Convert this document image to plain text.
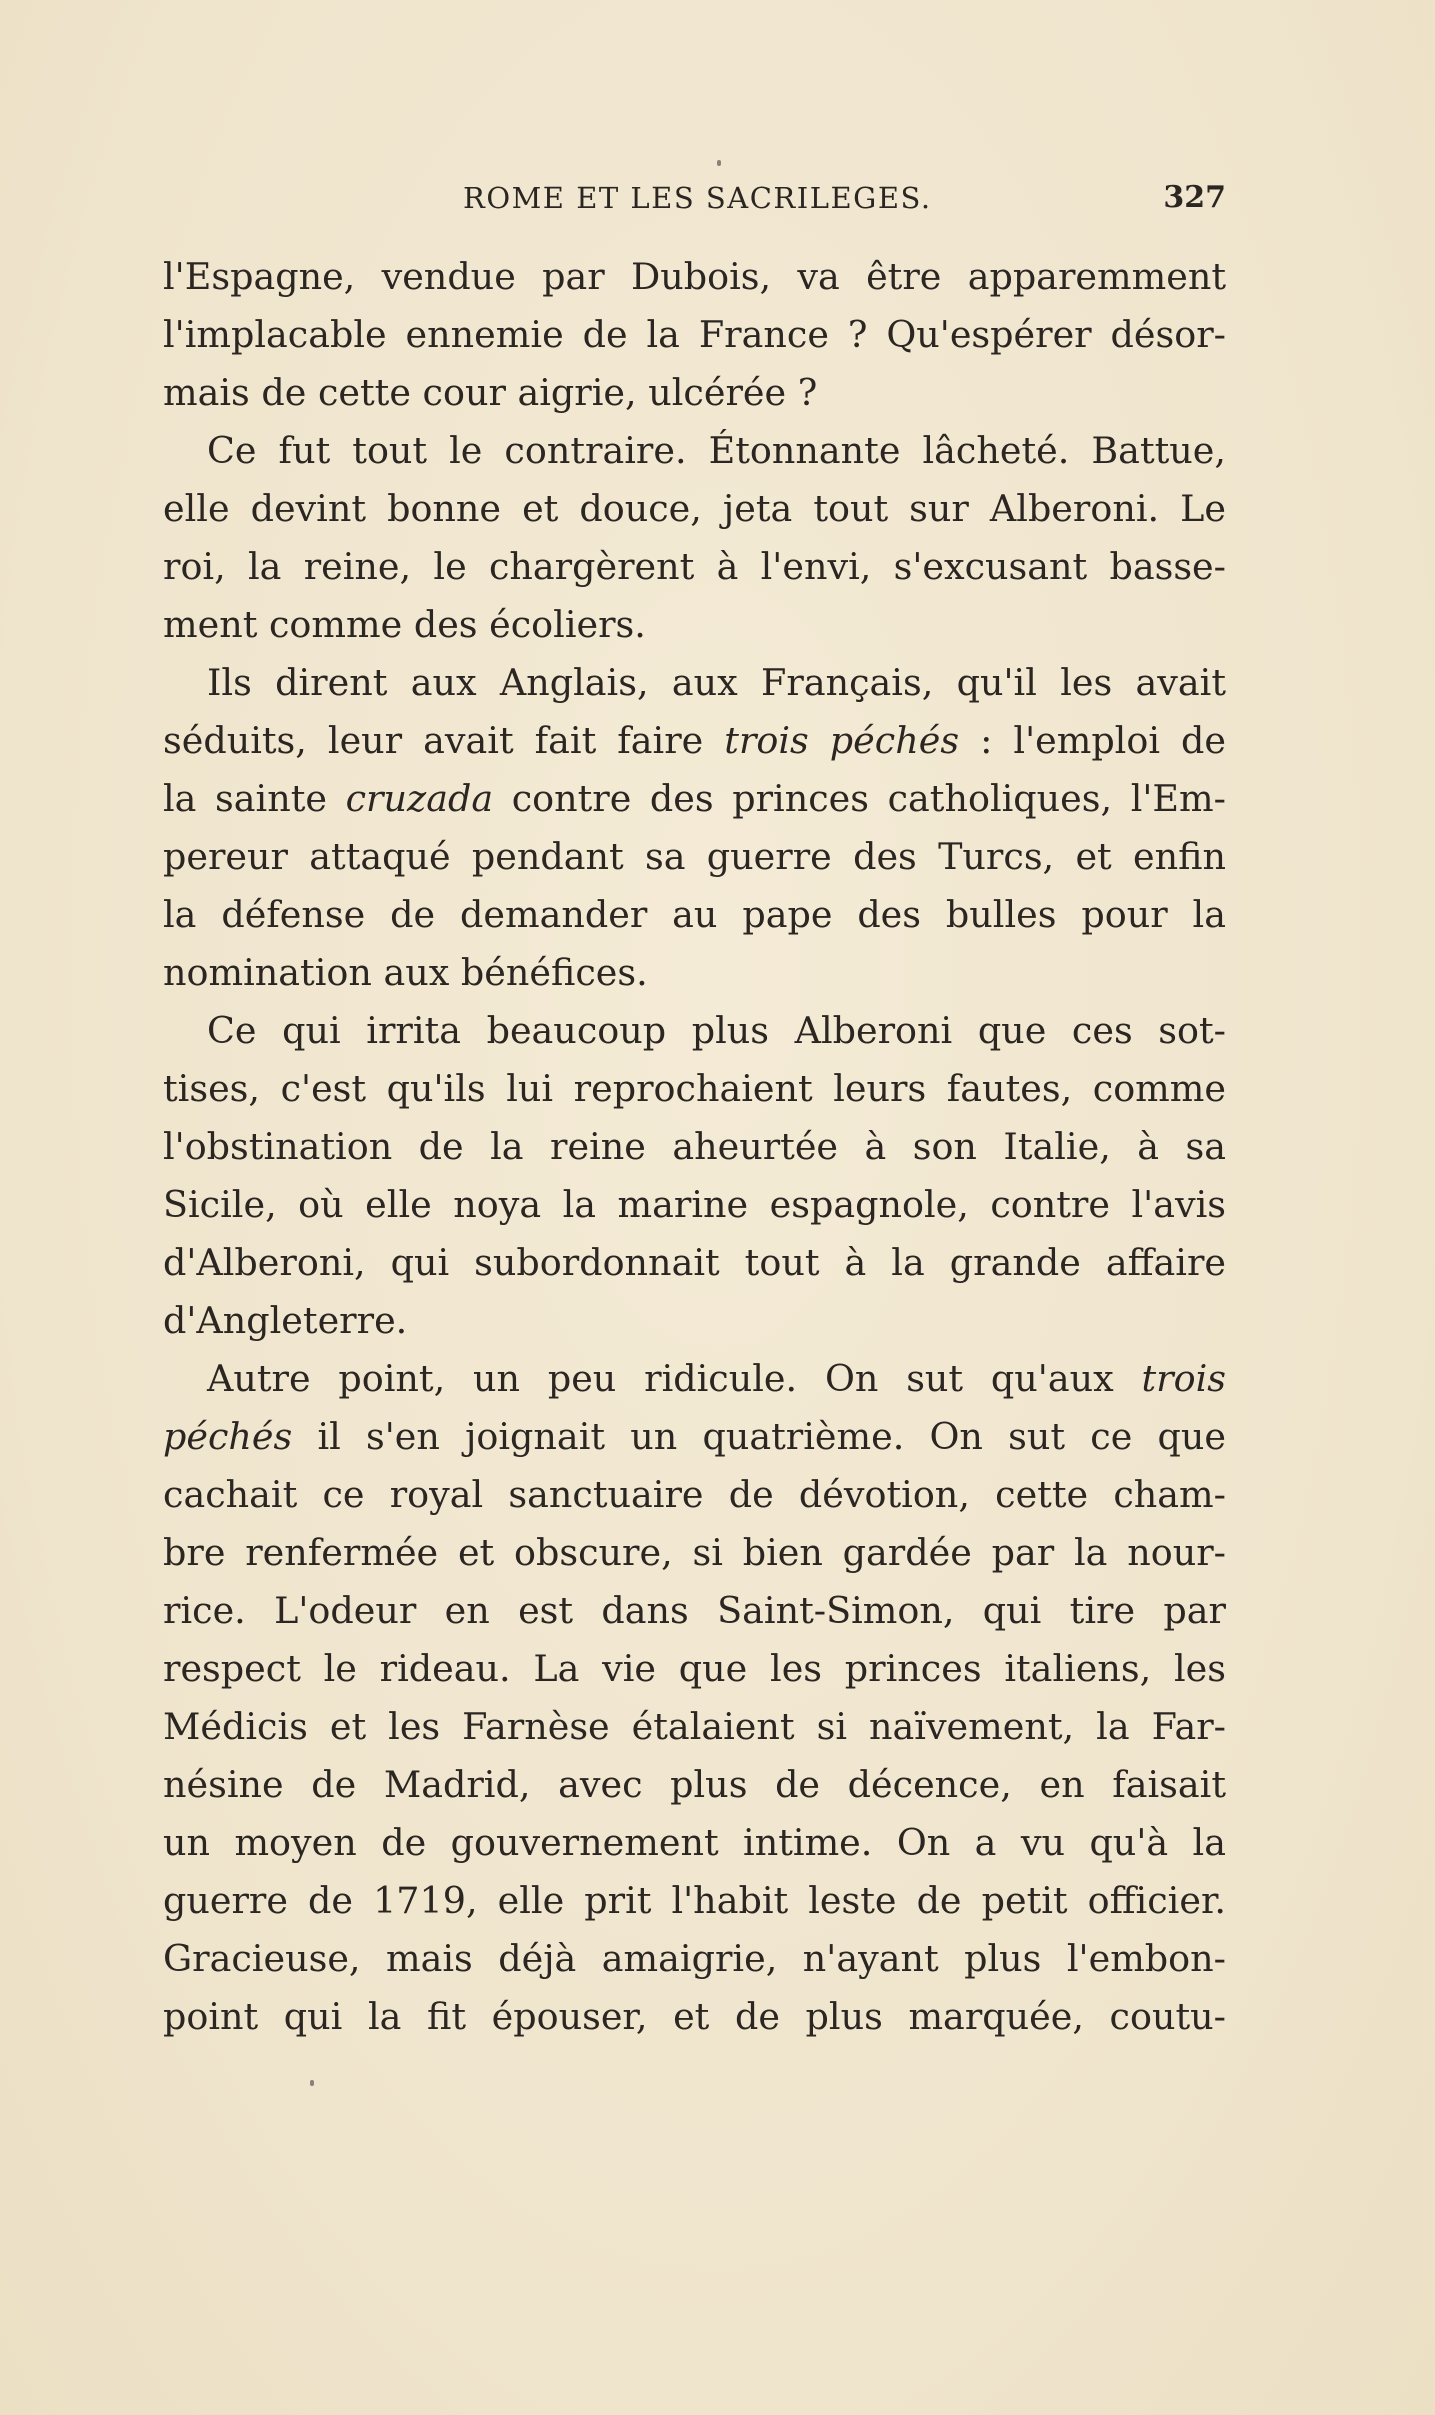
ROME ET LES SACRILEGES.	327
l'Espagne, vendue par Dubois, va être apparemment
l'implacable ennemie de la France ? Qu'espérer désor-
mais de cette cour aigrie, ulcérée ?
Ce fut tout le contraire. Étonnante lâcheté. Battue,
elle devint bonne et douce, jeta tout sur Alberoni. Le
roi, la reine, le chargèrent à l'envi, s'excusant basse-
ment comme des écoliers.
Ils dirent aux Anglais, aux Français, qu'il les avait
séduits, leur avait fait faire trois péchés : l'emploi de
la sainte cruzada contre des princes catholiques, l'Em-
pereur attaqué pendant sa guerre des Turcs, et enfin
la défense de demander au pape des bulles pour la
nomination aux bénéfices.
Ce qui irrita beaucoup plus Alberoni que ces sot-
tises, c'est qu'ils lui reprochaient leurs fautes, comme
l'obstination de la reine aheurtée à son Italie, à sa
Sicile, où elle noya la marine espagnole, contre l'avis
d'Alberoni, qui subordonnait tout à la grande affaire
d'Angleterre.
Autre point, un peu ridicule. On sut qu'aux trois
péchés il s'en joignait un quatrième. On sut ce que
cachait ce royal sanctuaire de dévotion, cette cham-
bre renfermée et obscure, si bien gardée par la nour-
rice. L'odeur en est dans Saint-Simon, qui tire par
respect le rideau. La vie que les princes italiens, les
Médicis et les Farnèse étalaient si naïvement, la Far-
nésine de Madrid, avec plus de décence, en faisait
un moyen de gouvernement intime. On a vu qu'à la
guerre de 1719, elle prit l'habit leste de petit officier.
Gracieuse, mais déjà amaigrie, n'ayant plus l'embon-
point qui la fit épouser, et de plus marquée, coutu-
